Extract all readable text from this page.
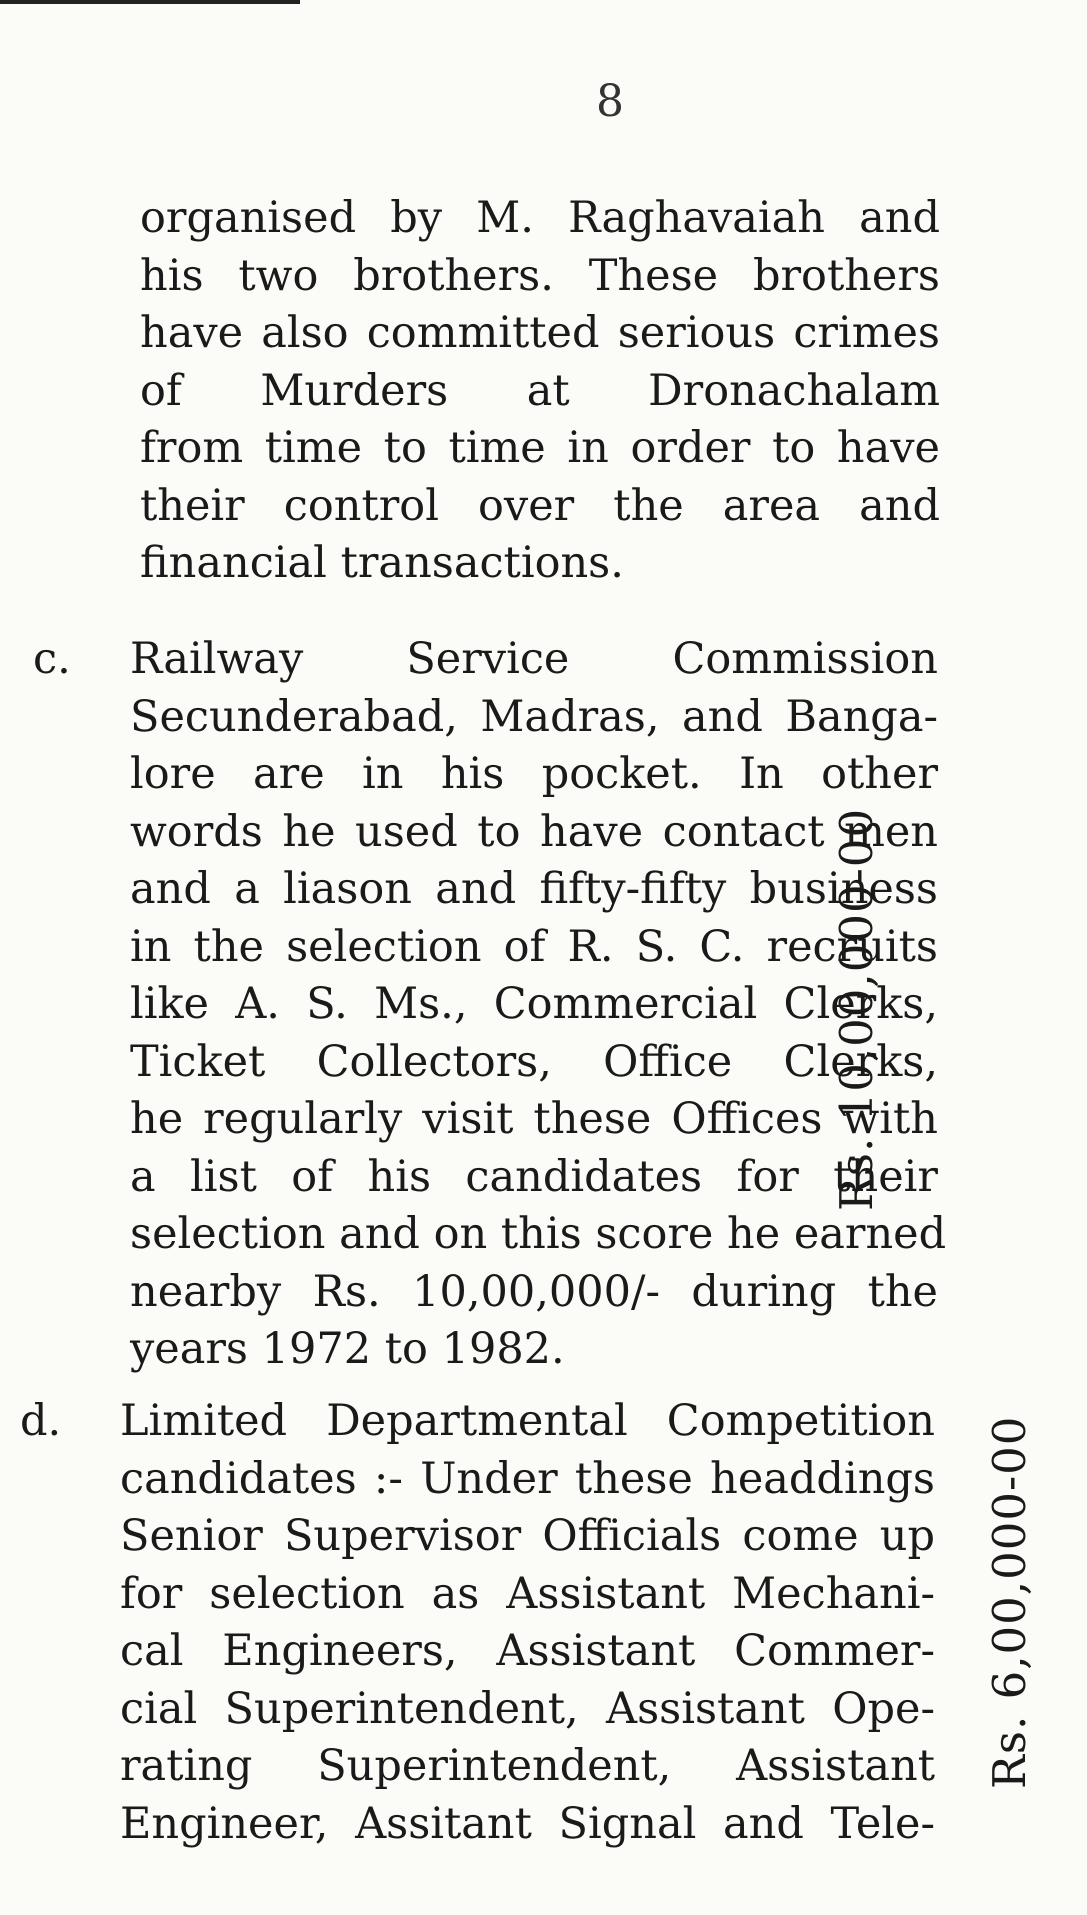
8
organised by M. Raghavaiah and
his two brothers. These brothers
have also committed serious crimes
of Murders at Dronachalam
from time to time in order to have
their control over the area and
financial transactions.
c. Railway Service Commission
Secunderabad, Madras, and Banga-
lore are in his pocket. In other
words he used to have contact men
and a liason and fifty-fifty business
in the selection of R. S. C. recruits
like A. S. Ms., Commercial Clerks,
Ticket Collectors, Office Clerks,
he regularly visit these Offices with
a list of his candidates for their
selection and on this score he earned
nearby Rs. 10,00,000/- during the
years 1972 to 1982.
Rs. 10,00,000-00
d. Limited Departmental Competition
candidates :- Under these headdings
Senior Supervisor Officials come up
for selection as Assistant Mechani-
cal Engineers, Assistant Commer-
cial Superintendent, Assistant Ope-
rating Superintendent, Assistant
Engineer, Assitant Signal and Tele-
Rs. 6,00,000-00
